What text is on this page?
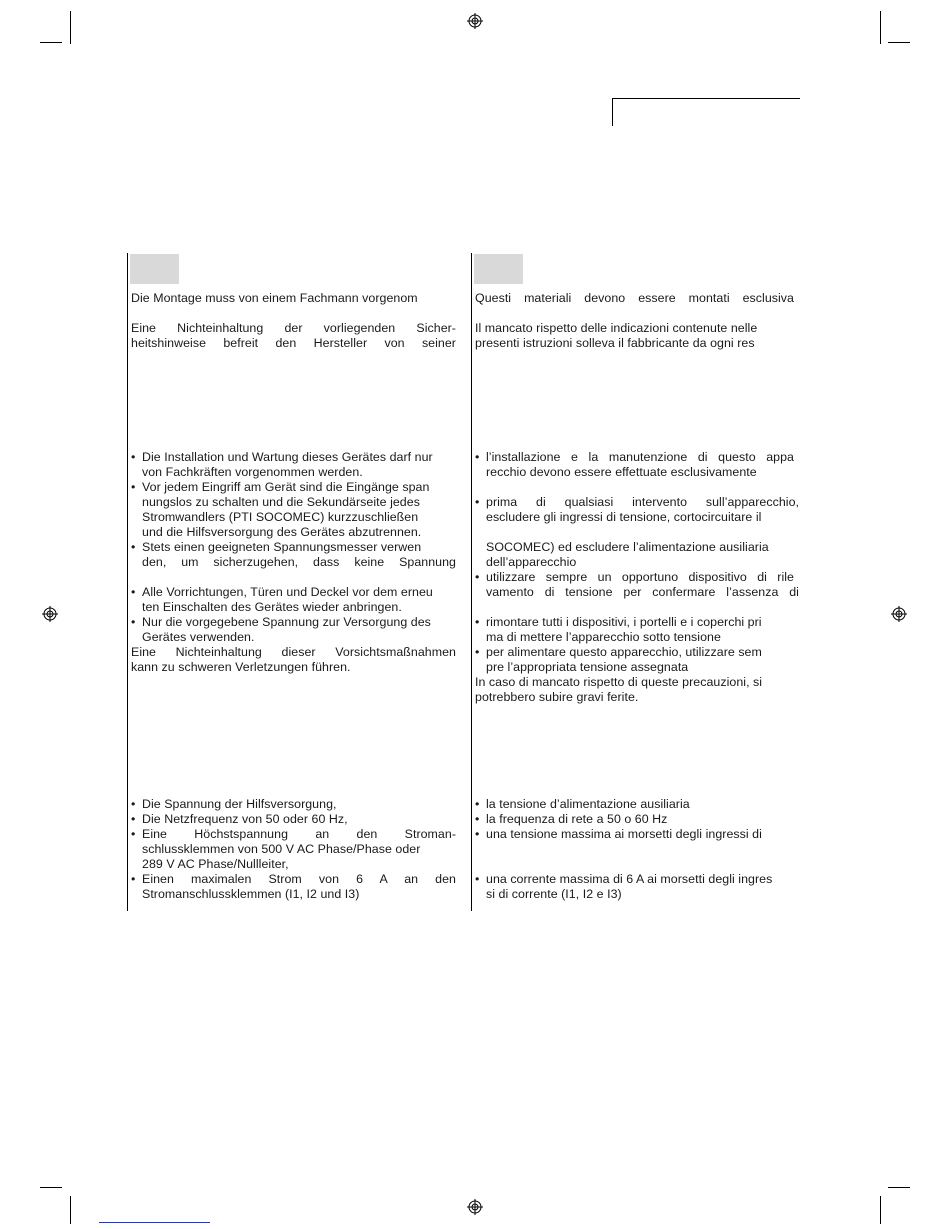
Die Montage muss von einem Fachmann vorgenom
Eine Nichteinhaltung der vorliegenden Sicher-
heitshinweise befreit den Hersteller von seiner
• Die Installation und Wartung dieses Gerätes darf nur
von Fachkräften vorgenommen werden.
• Vor jedem Eingriff am Gerät sind die Eingänge span
nungslos zu schalten und die Sekundärseite jedes
Stromwandlers (PTI SOCOMEC) kurzzuschließen
und die Hilfsversorgung des Gerätes abzutrennen.
• Stets einen geeigneten Spannungsmesser verwen
den, um sicherzugehen, dass keine Spannung
• Alle Vorrichtungen, Türen und Deckel vor dem erneu
ten Einschalten des Gerätes wieder anbringen.
• Nur die vorgegebene Spannung zur Versorgung des
Gerätes verwenden.
Eine Nichteinhaltung dieser Vorsichtsmaßnahmen
kann zu schweren Verletzungen führen.
• Die Spannung der Hilfsversorgung,
• Die Netzfrequenz von 50 oder 60 Hz,
• Eine Höchstspannung an den Stroman-
schlussklemmen von 500 V AC Phase/Phase oder
289 V AC Phase/Nullleiter,
• Einen maximalen Strom von 6 A an den
Stromanschlussklemmen (I1, I2 und I3)
Questi materiali devono essere montati esclusiva
Il mancato rispetto delle indicazioni contenute nelle
presenti istruzioni solleva il fabbricante da ogni res
• l’installazione e la manutenzione di questo appa
recchio devono essere effettuate esclusivamente
• prima di qualsiasi intervento sull’apparecchio,
escludere gli ingressi di tensione, cortocircuitare il
SOCOMEC) ed escludere l’alimentazione ausiliaria
dell’apparecchio
• utilizzare sempre un opportuno dispositivo di rile
vamento di tensione per confermare l’assenza di
• rimontare tutti i dispositivi, i portelli e i coperchi pri
ma di mettere l’apparecchio sotto tensione
• per alimentare questo apparecchio, utilizzare sem
pre l’appropriata tensione assegnata
In caso di mancato rispetto di queste precauzioni, si
potrebbero subire gravi ferite.
• la tensione d’alimentazione ausiliaria
• la frequenza di rete a 50 o 60 Hz
• una tensione massima ai morsetti degli ingressi di
• una corrente massima di 6 A ai morsetti degli ingres
si di corrente (I1, I2 e I3)
